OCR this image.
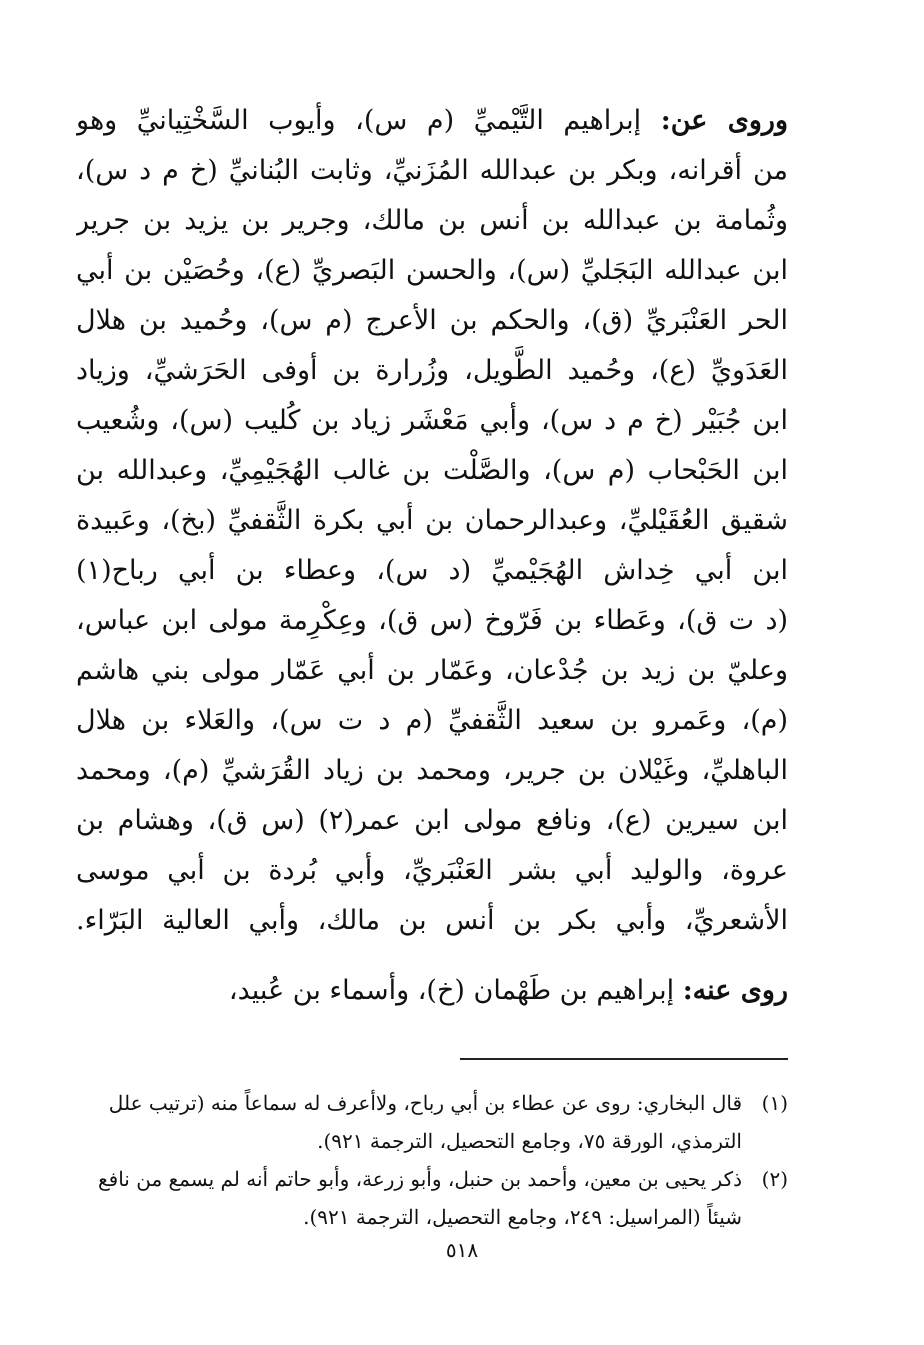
وروى عن: إبراهيم التَّيْميِّ (م س)، وأيوب السَّخْتِيانيِّ وهو
من أقرانه، وبكر بن عبدالله المُزَنيِّ، وثابت البُنانيِّ (خ م د س)،
وثُمامة بن عبدالله بن أنس بن مالك، وجرير بن يزيد بن جرير
ابن عبدالله البَجَليِّ (س)، والحسن البَصريِّ (ع)، وحُصَيْن بن أبي
الحر العَنْبَريِّ (ق)، والحكم بن الأعرج (م س)، وحُميد بن هلال
العَدَويِّ (ع)، وحُميد الطَّويل، وزُرارة بن أوفى الحَرَشيِّ، وزياد
ابن جُبَيْر (خ م د س)، وأبي مَعْشَر زياد بن كُليب (س)، وشُعيب
ابن الحَبْحاب (م س)، والصَّلْت بن غالب الهُجَيْمِيِّ، وعبدالله بن
شقيق العُقَيْليِّ، وعبدالرحمان بن أبي بكرة الثَّقفيِّ (بخ)، وعَبيدة
ابن أبي خِداش الهُجَيْميِّ (د س)، وعطاء بن أبي رباح(١)
(د ت ق)، وعَطاء بن فَرّوخ (س ق)، وعِكْرِمة مولى ابن عباس،
وعليّ بن زيد بن جُدْعان، وعَمّار بن أبي عَمّار مولى بني هاشم
(م)، وعَمرو بن سعيد الثَّقفيِّ (م د ت س)، والعَلاء بن هلال
الباهليِّ، وغَيْلان بن جرير، ومحمد بن زياد القُرَشيِّ (م)، ومحمد
ابن سيرين (ع)، ونافع مولى ابن عمر(٢) (س ق)، وهشام بن
عروة، والوليد أبي بشر العَنْبَريِّ، وأبي بُردة بن أبي موسى
الأشعريِّ، وأبي بكر بن أنس بن مالك، وأبي العالية البَرّاء.
روى عنه: إبراهيم بن طَهْمان (خ)، وأسماء بن عُبيد،
(١)قال البخاري: روى عن عطاء بن أبي رباح، ولاأعرف له سماعاً منه (ترتيب علل
الترمذي، الورقة ٧٥، وجامع التحصيل، الترجمة ٩٢١).
(٢)ذكر يحيى بن معين، وأحمد بن حنبل، وأبو زرعة، وأبو حاتم أنه لم يسمع من نافع
شيئاً (المراسيل: ٢٤٩، وجامع التحصيل، الترجمة ٩٢١).
٥١٨
